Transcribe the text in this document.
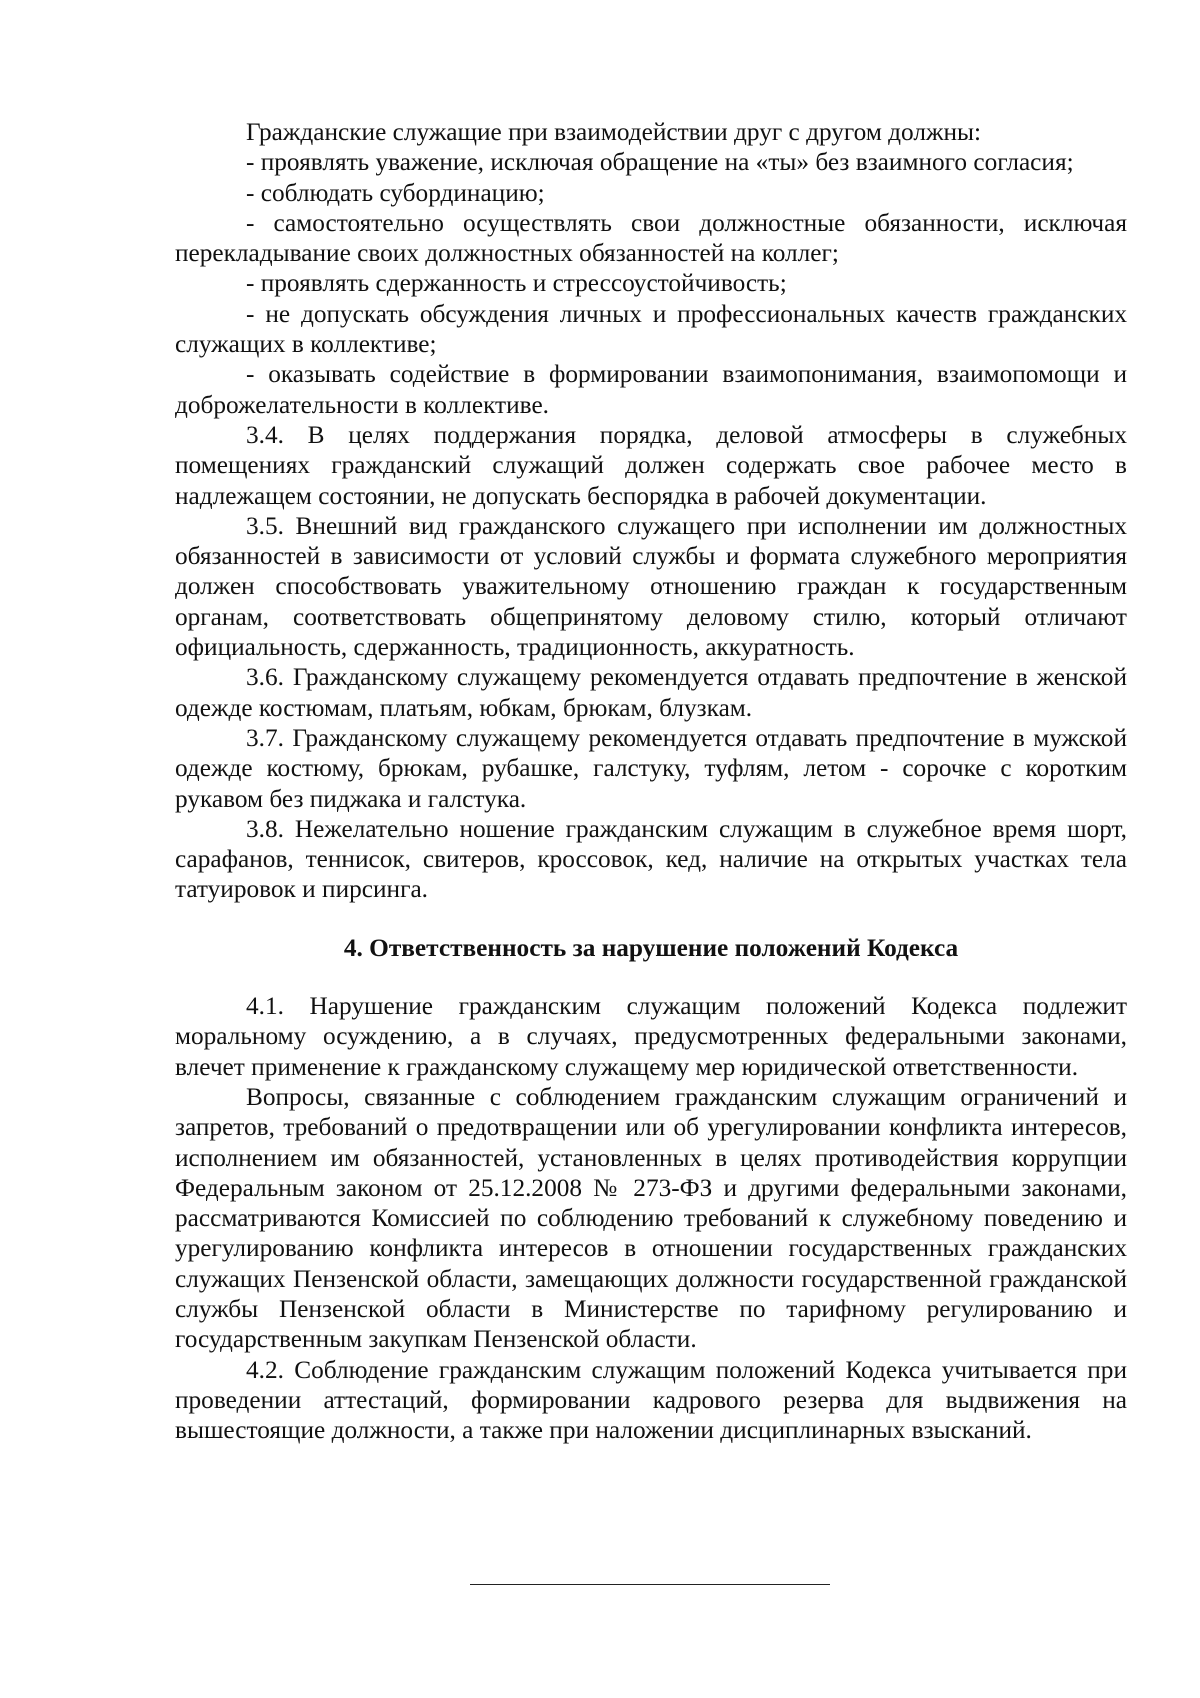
Гражданские служащие при взаимодействии друг с другом должны:

- проявлять уважение, исключая обращение на «ты» без взаимного согласия;

- соблюдать субординацию;

- самостоятельно осуществлять свои должностные обязанности, исключая перекладывание своих должностных обязанностей на коллег;

- проявлять сдержанность и стрессоустойчивость;

- не допускать обсуждения личных и профессиональных качеств гражданских служащих в коллективе;

- оказывать содействие в формировании взаимопонимания, взаимопомощи и доброжелательности в коллективе.

3.4. В целях поддержания порядка, деловой атмосферы в служебных помещениях гражданский служащий должен содержать свое рабочее место в надлежащем состоянии, не допускать беспорядка в рабочей документации.

3.5. Внешний вид гражданского служащего при исполнении им должностных обязанностей в зависимости от условий службы и формата служебного мероприятия должен способствовать уважительному отношению граждан к государственным органам, соответствовать общепринятому деловому стилю, который отличают официальность, сдержанность, традиционность, аккуратность.

3.6. Гражданскому служащему рекомендуется отдавать предпочтение в женской одежде костюмам, платьям, юбкам, брюкам, блузкам.

3.7. Гражданскому служащему рекомендуется отдавать предпочтение в мужской одежде костюму, брюкам, рубашке, галстуку, туфлям, летом - сорочке с коротким рукавом без пиджака и галстука.

3.8. Нежелательно ношение гражданским служащим в служебное время шорт, сарафанов, теннисок, свитеров, кроссовок, кед, наличие на открытых участках тела татуировок и пирсинга.

4. Ответственность за нарушение положений Кодекса

4.1. Нарушение гражданским служащим положений Кодекса подлежит моральному осуждению, а в случаях, предусмотренных федеральными законами, влечет применение к гражданскому служащему мер юридической ответственности.

Вопросы, связанные с соблюдением гражданским служащим ограничений и запретов, требований о предотвращении или об урегулировании конфликта интересов, исполнением им обязанностей, установленных в целях противодействия коррупции Федеральным законом от 25.12.2008 № 273-ФЗ и другими федеральными законами, рассматриваются Комиссией по соблюдению требований к служебному поведению и урегулированию конфликта интересов в отношении государственных гражданских служащих Пензенской области, замещающих должности государственной гражданской службы Пензенской области в Министерстве по тарифному регулированию и государственным закупкам Пензенской области.

4.2. Соблюдение гражданским служащим положений Кодекса учитывается при проведении аттестаций, формировании кадрового резерва для выдвижения на вышестоящие должности, а также при наложении дисциплинарных взысканий.
